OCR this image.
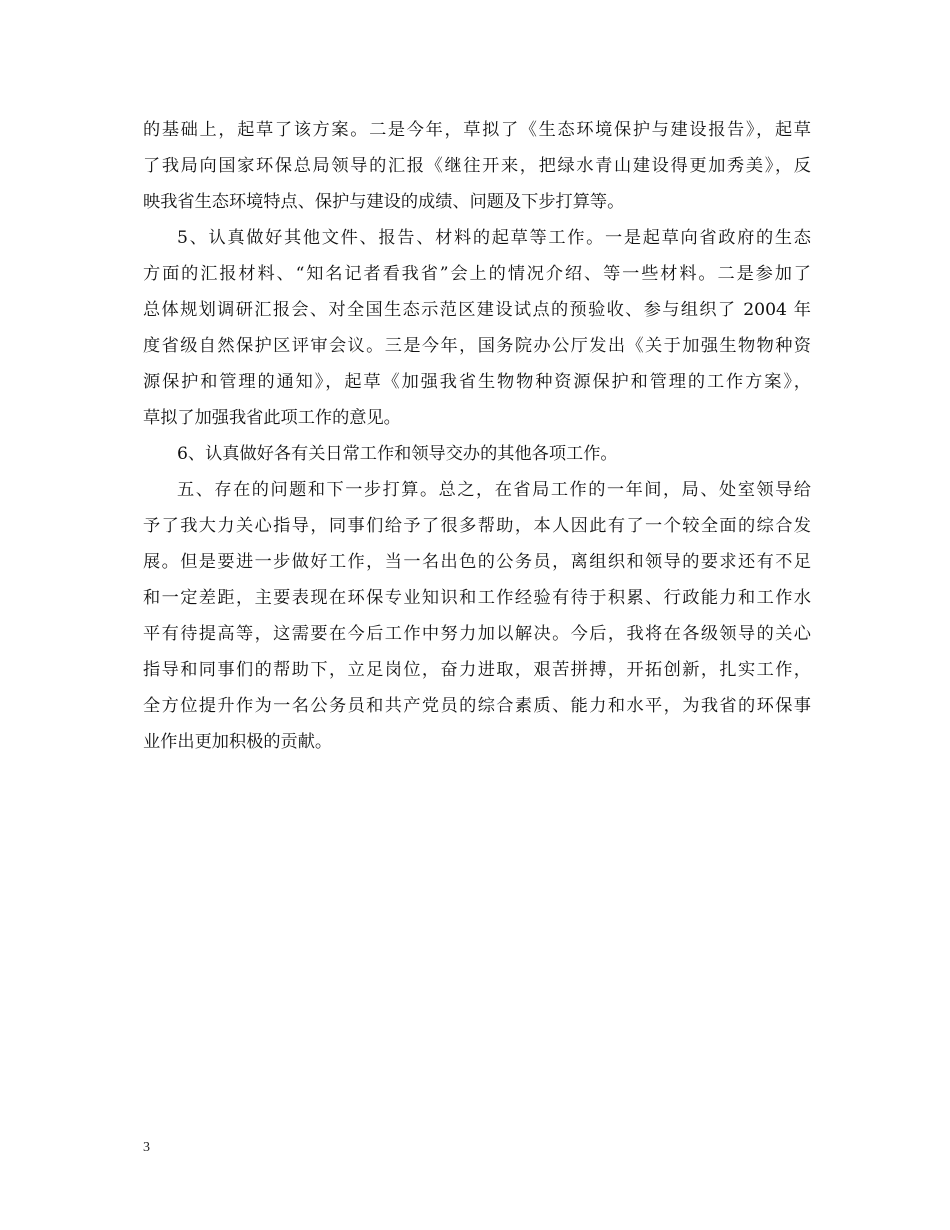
的基础上，起草了该方案。二是今年，草拟了《生态环境保护与建设报告》，起草
了我局向国家环保总局领导的汇报《继往开来，把绿水青山建设得更加秀美》，反
映我省生态环境特点、保护与建设的成绩、问题及下步打算等。
5、认真做好其他文件、报告、材料的起草等工作。一是起草向省政府的生态
方面的汇报材料、“知名记者看我省”会上的情况介绍、等一些材料。二是参加了
总体规划调研汇报会、对全国生态示范区建设试点的预验收、参与组织了 2004 年
度省级自然保护区评审会议。三是今年，国务院办公厅发出《关于加强生物物种资
源保护和管理的通知》，起草《加强我省生物物种资源保护和管理的工作方案》，
草拟了加强我省此项工作的意见。
6、认真做好各有关日常工作和领导交办的其他各项工作。
五、存在的问题和下一步打算。总之，在省局工作的一年间，局、处室领导给
予了我大力关心指导，同事们给予了很多帮助，本人因此有了一个较全面的综合发
展。但是要进一步做好工作，当一名出色的公务员，离组织和领导的要求还有不足
和一定差距，主要表现在环保专业知识和工作经验有待于积累、行政能力和工作水
平有待提高等，这需要在今后工作中努力加以解决。今后，我将在各级领导的关心
指导和同事们的帮助下，立足岗位，奋力进取，艰苦拼搏，开拓创新，扎实工作，
全方位提升作为一名公务员和共产党员的综合素质、能力和水平，为我省的环保事
业作出更加积极的贡献。
3
